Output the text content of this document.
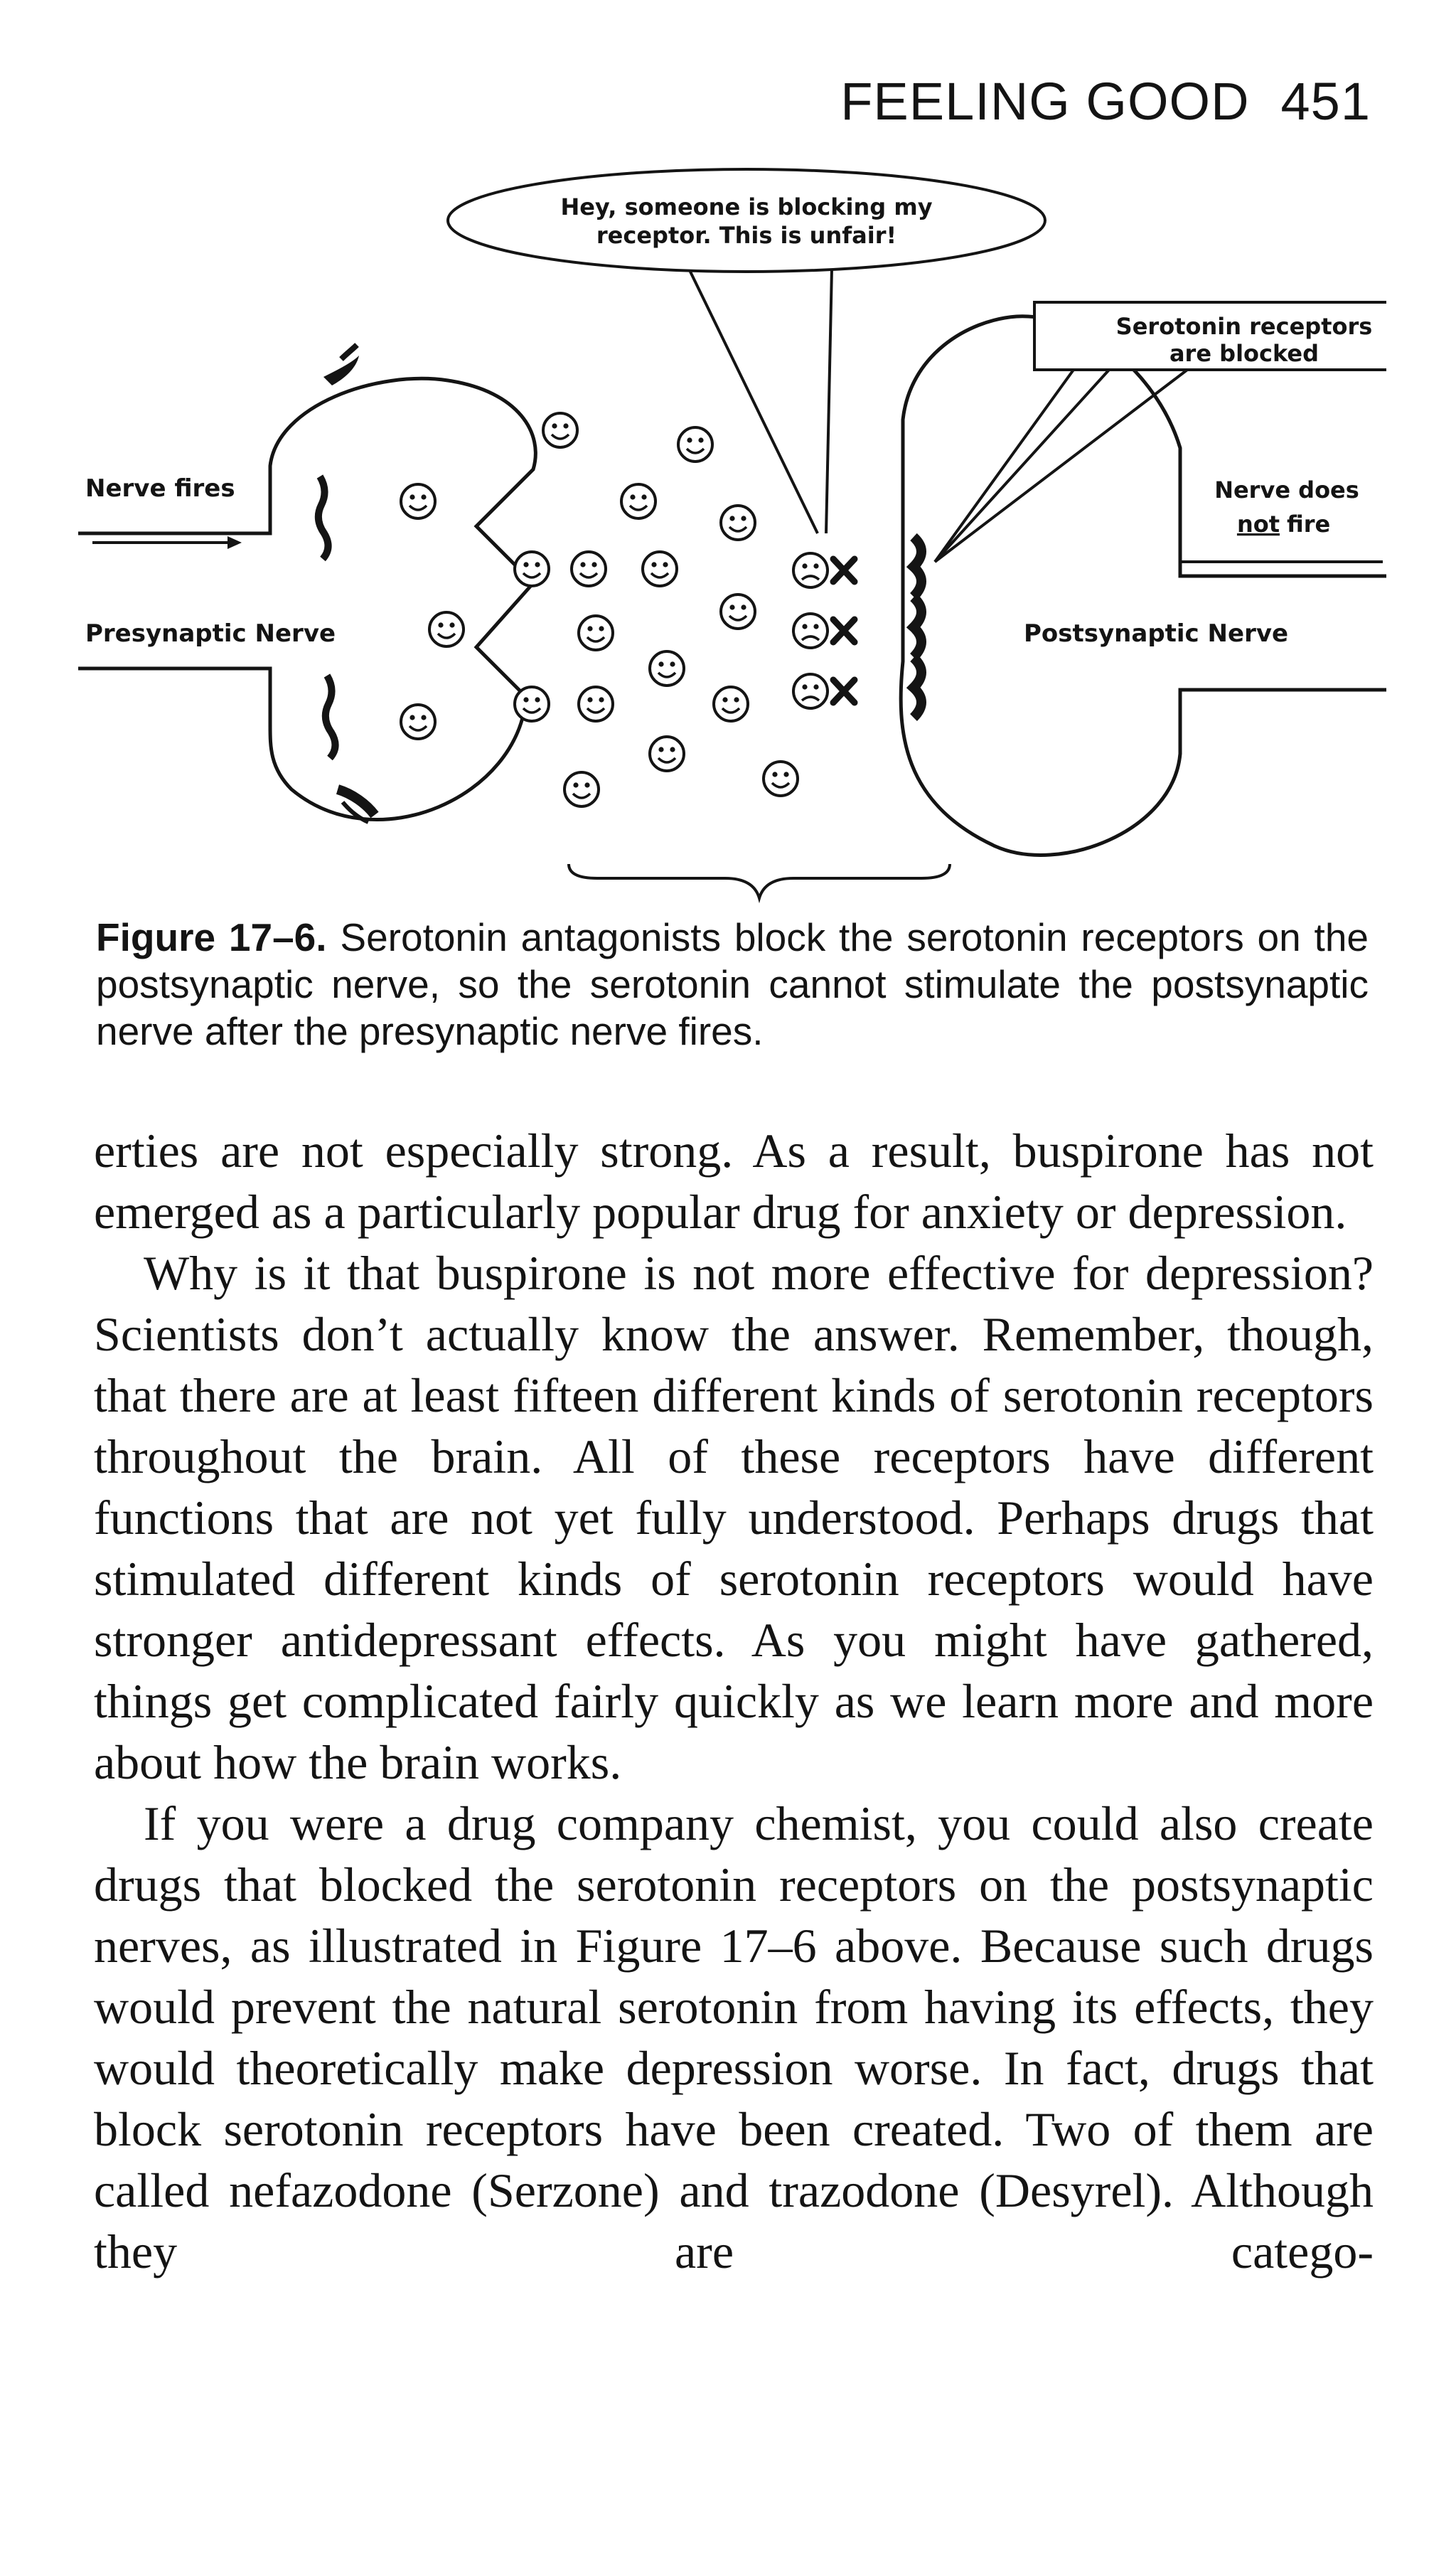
FEELING GOOD 451
Hey, someone is blocking my
receptor. This is unfair!
Serotonin receptors
are blocked
Nerve does
not fire
Nerve fires
Presynaptic Nerve	Postsynaptic Nerve
Figure 17–6. Serotonin antagonists block the serotonin receptors on the postsynaptic nerve, so the serotonin cannot stimulate the postsynaptic nerve after the presynaptic nerve fires.

erties are not especially strong. As a result, buspirone has not emerged as a particularly popular drug for anxiety or depression.

Why is it that buspirone is not more effective for depression? Scientists don’t actually know the answer. Remember, though, that there are at least fifteen different kinds of serotonin receptors throughout the brain. All of these receptors have different functions that are not yet fully understood. Perhaps drugs that stimulated different kinds of serotonin receptors would have stronger antidepressant effects. As you might have gathered, things get complicated fairly quickly as we learn more and more about how the brain works.

If you were a drug company chemist, you could also create drugs that blocked the serotonin receptors on the postsynaptic nerves, as illustrated in Figure 17–6 above. Because such drugs would prevent the natural serotonin from having its effects, they would theoretically make depression worse. In fact, drugs that block serotonin receptors have been created. Two of them are called nefazodone (Serzone) and trazodone (Desyrel). Although they are catego-
